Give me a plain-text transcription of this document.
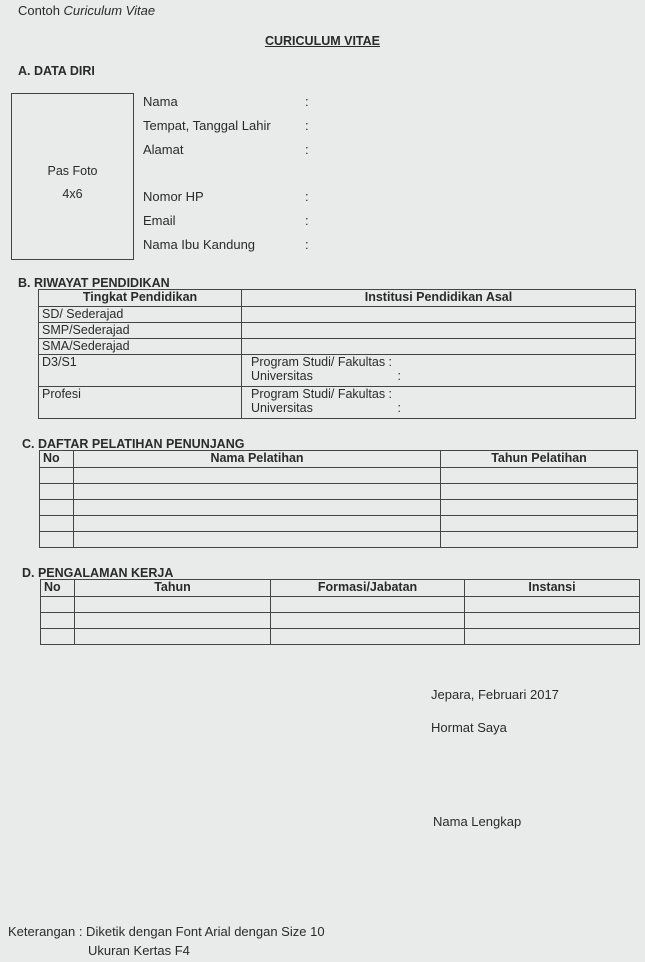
Contoh Curiculum Vitae
CURICULUM VITAE
A. DATA DIRI
Pas Foto
4x6
Nama	:
Tempat, Tanggal Lahir	:
Alamat	:
Nomor HP	:
Email	:
Nama Ibu Kandung	:
B. RIWAYAT PENDIDIKAN
Tingkat Pendidikan	Institusi Pendidikan Asal
SD/ Sederajad	
SMP/Sederajad	
SMA/Sederajad	
D3/S1	Program Studi/ Fakultas :
Universitas :

Profesi	Program Studi/ Fakultas :
Universitas :
C. DAFTAR PELATIHAN PENUNJANG
No	Nama Pelatihan	Tahun Pelatihan

D. PENGALAMAN KERJA
No	Tahun	Formasi/Jabatan	Instansi

Jepara, Februari 2017
Hormat Saya
Nama Lengkap
Keterangan : Diketik dengan Font Arial dengan Size 10
Ukuran Kertas F4
